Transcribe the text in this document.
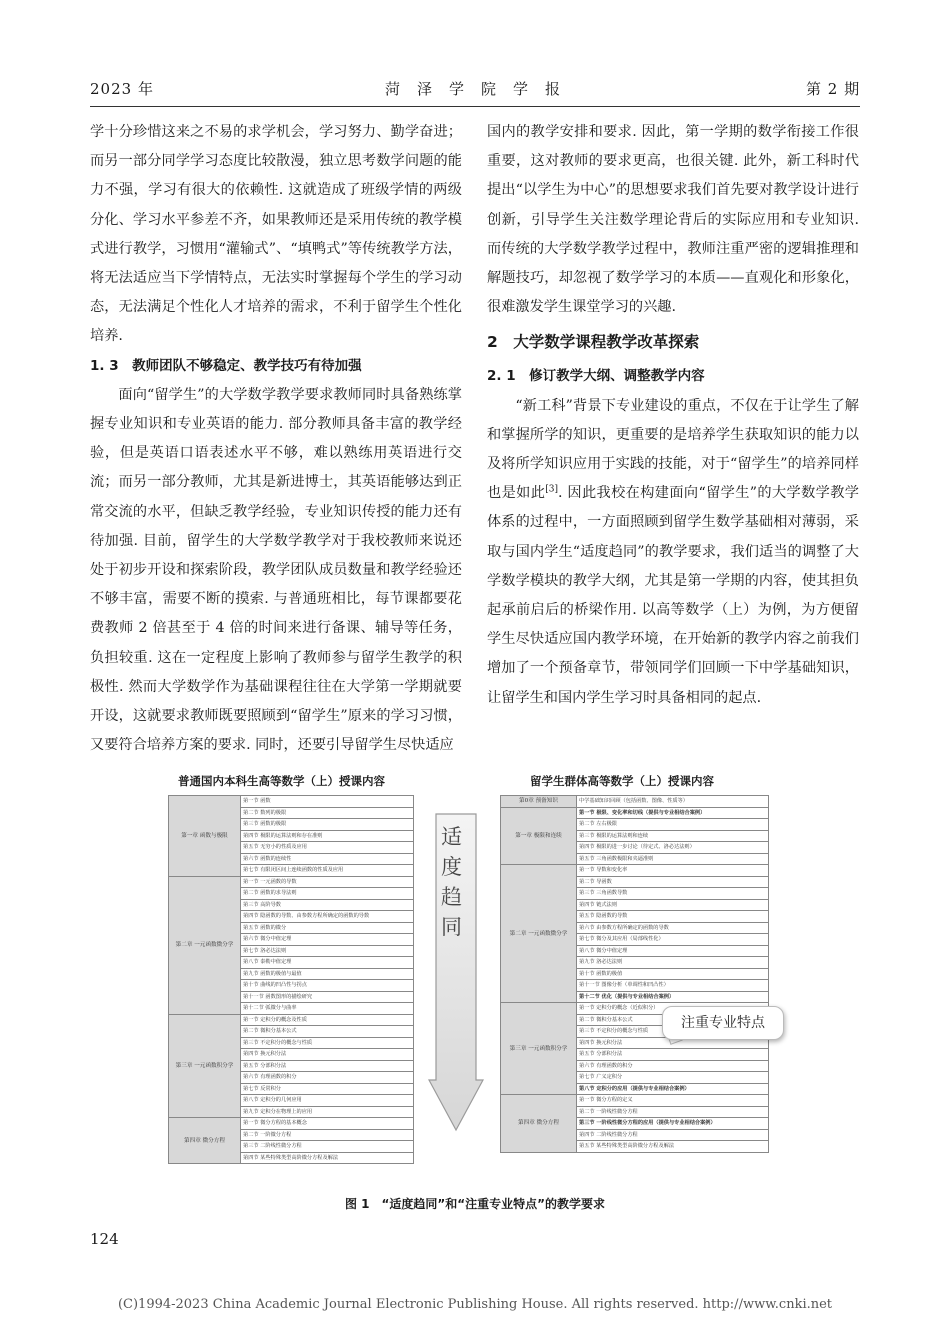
2023 年	菏　泽　学　院　学　报	第 2 期

学十分珍惜这来之不易的求学机会，学习努力、勤学奋进；而另一部分同学学习态度比较散漫，独立思考数学问题的能力不强，学习有很大的依赖性. 这就造成了班级学情的两级分化、学习水平参差不齐，如果教师还是采用传统的教学模式进行教学，习惯用“灌输式”、“填鸭式”等传统教学方法，将无法适应当下学情特点，无法实时掌握每个学生的学习动态，无法满足个性化人才培养的需求，不利于留学生个性化培养.

1. 3　教师团队不够稳定、教学技巧有待加强

面向“留学生”的大学数学教学要求教师同时具备熟练掌握专业知识和专业英语的能力. 部分教师具备丰富的教学经验，但是英语口语表述水平不够，难以熟练用英语进行交流；而另一部分教师，尤其是新进博士，其英语能够达到正常交流的水平，但缺乏教学经验，专业知识传授的能力还有待加强. 目前，留学生的大学数学教学对于我校教师来说还处于初步开设和探索阶段，教学团队成员数量和教学经验还不够丰富，需要不断的摸索. 与普通班相比，每节课都要花费教师 2 倍甚至于 4 倍的时间来进行备课、辅导等任务，负担较重. 这在一定程度上影响了教师参与留学生教学的积极性. 然而大学数学作为基础课程往往在大学第一学期就要开设，这就要求教师既要照顾到“留学生”原来的学习习惯，又要符合培养方案的要求. 同时，还要引导留学生尽快适应

国内的教学安排和要求. 因此，第一学期的数学衔接工作很重要，这对教师的要求更高，也很关键. 此外，新工科时代提出“以学生为中心”的思想要求我们首先要对教学设计进行创新，引导学生关注数学理论背后的实际应用和专业知识. 而传统的大学数学教学过程中，教师注重严密的逻辑推理和解题技巧，却忽视了数学学习的本质——直观化和形象化，很难激发学生课堂学习的兴趣.

2　大学数学课程教学改革探索

2. 1　修订教学大纲、调整教学内容

“新工科”背景下专业建设的重点，不仅在于让学生了解和掌握所学的知识，更重要的是培养学生获取知识的能力以及将所学知识应用于实践的技能，对于“留学生”的培养同样也是如此[3]. 因此我校在构建面向“留学生”的大学数学教学体系的过程中，一方面照顾到留学生数学基础相对薄弱，采取与国内学生“适度趋同”的教学要求，我们适当的调整了大学数学模块的教学大纲，尤其是第一学期的内容，使其担负起承前启后的桥梁作用. 以高等数学（上）为例，为方便留学生尽快适应国内教学环境，在开始新的教学内容之前我们增加了一个预备章节，带领同学们回顾一下中学基础知识，让留学生和国内学生学习时具备相同的起点.

普通国内本科生高等数学（上）授课内容	留学生群体高等数学（上）授课内容
第一章 函数与极限	第一节 函数
	第二节 数列的极限
	第三节 函数的极限
	第四节 极限的运算法则和存在准则
	第五节 无穷小的性质及应用
	第六节 函数的连续性
	第七节 有限闭区间上连续函数的性质及应用
第二章 一元函数微分学	第一节 一元函数的导数
	第二节 函数的求导法则
	第三节 高阶导数
	第四节 隐函数的导数、由参数方程所确定的函数的导数
	第五节 函数的微分
	第六节 微分中值定理
	第七节 洛必达法则
	第八节 泰勒中值定理
	第九节 函数的极值与最值
	第十节 曲线的凹凸性与拐点
	第十一节 函数图形的描绘研究
	第十二节 弧微分与曲率
第三章 一元函数积分学	第一节 定积分的概念及性质
	第二节 微积分基本公式
	第三节 不定积分的概念与性质
	第四节 换元积分法
	第五节 分部积分法
	第六节 有理函数的积分
	第七节 反常积分
	第八节 定积分的几何应用
	第九节 定积分在物理上的应用
第四章 微分方程	第一节 微分方程的基本概念
	第二节 一阶微分方程
	第三节 二阶线性微分方程
	第四节 某些特殊类型高阶微分方程及解法
适
度
趋
同
第0章 预备知识	中学基础知识回顾（包括函数、图像、性质等）
第一章 极限和连续	第一节 极限、变化率和切线（提供与专业相结合案例）
	第二节 左右极限
	第三节 极限的运算法则和连续
	第四节 极限的进一步讨论（待定式、洛必达法则）
	第五节 三角函数极限和夹逼准则
第二章 一元函数微分学	第一节 导数和变化率
	第二节 导函数
	第三节 三角函数导数
	第四节 链式法则
	第五节 隐函数的导数
	第六节 由参数方程所确定的函数的导数
	第七节 微分及其应用（局部线性化）
	第八节 微分中值定理
	第九节 洛必达法则
	第十节 函数的极值
	第十一节 图像分析（单调性和凹凸性）
	第十二节 优化（提供与专业相结合案例）
第三章 一元函数积分学	第一节 定积分的概念（近似积分）
	第二节 微积分基本公式
	第三节 不定积分的概念与性质
	第四节 换元积分法
	第五节 分部积分法
	第六节 有理函数的积分
	第七节 广义定积分
	第八节 定积分的应用（提供与专业相结合案例）
第四章 微分方程	第一节 微分方程的定义
	第二节 一阶线性微分方程
	第三节 一阶线性微分方程的应用（提供与专业相结合案例）
	第四节 二阶线性微分方程
	第五节 某些特殊类型高阶微分方程及解法
注重专业特点
图 1　“适度趋同”和“注重专业特点”的教学要求
124
(C)1994-2023 China Academic Journal Electronic Publishing House. All rights reserved. http://www.cnki.net
